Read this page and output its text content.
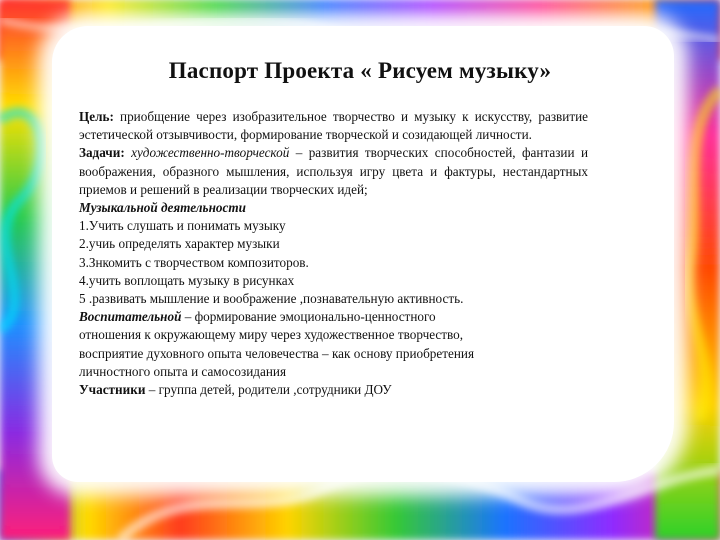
Паспорт Проекта « Рисуем музыку»

Цель: приобщение через изобразительное творчество и музыку к искусству, развитие эстетической отзывчивости, формирование творческой и созидающей личности.

Задачи: художественно-творческой – развития творческих способностей, фантазии и воображения, образного мышления, используя игру цвета и фактуры, нестандартных приемов и решений в реализации творческих идей;

Музыкальной деятельности

1.Учить слушать и понимать музыку

2.учиь определять характер музыки

3.Знкомить с творчеством композиторов.

4.учить воплощать музыку в рисунках

5 .развивать мышление и воображение ,познавательную активность.

Воспитательной – формирование эмоционально-ценностного

отношения к окружающему миру через художественное творчество,

восприятие духовного опыта человечества – как основу приобретения

личностного опыта и самосозидания

Участники – группа детей, родители ,сотрудники ДОУ
